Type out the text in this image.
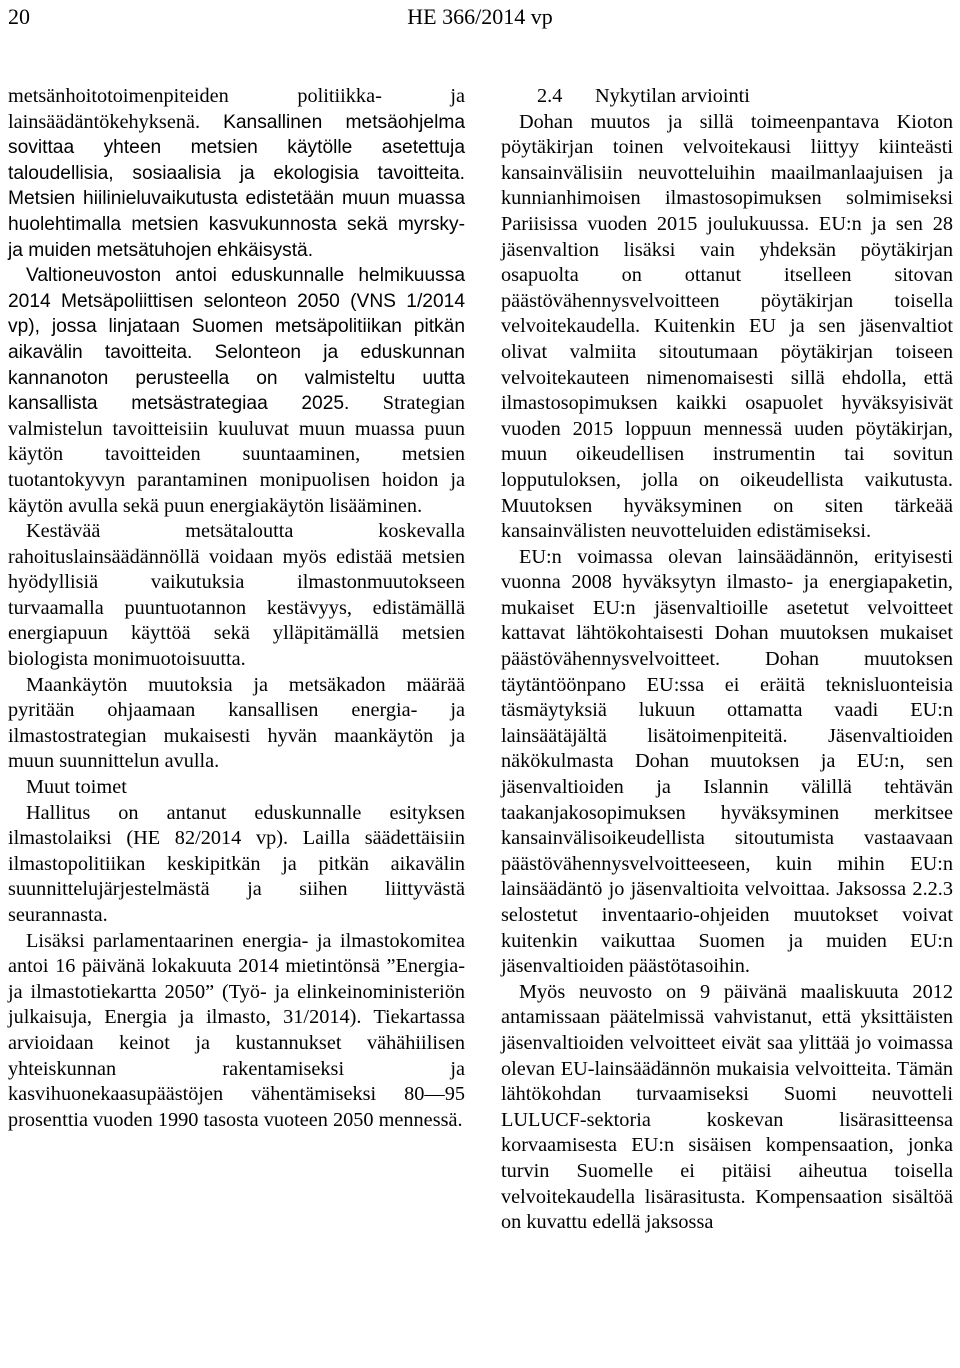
20	HE 366/2014 vp

metsänhoitotoimenpiteiden politiikka- ja lainsäädäntökehyksenä. Kansallinen metsäohjelma sovittaa yhteen metsien käytölle asetettuja taloudellisia, sosiaalisia ja ekologisia tavoitteita. Metsien hiilinieluvaikutusta edistetään muun muassa huolehtimalla metsien kasvukunnosta sekä myrsky- ja muiden metsätuhojen ehkäisystä.

Valtioneuvoston antoi eduskunnalle helmikuussa 2014 Metsäpoliittisen selonteon 2050 (VNS 1/2014 vp), jossa linjataan Suomen metsäpolitiikan pitkän aikavälin tavoitteita. Selonteon ja eduskunnan kannanoton perusteella on valmisteltu uutta kansallista metsästrategiaa 2025. Strategian valmistelun tavoitteisiin kuuluvat muun muassa puun käytön tavoitteiden suuntaaminen, metsien tuotantokyvyn parantaminen monipuolisen hoidon ja käytön avulla sekä puun energiakäytön lisääminen.

Kestävää metsätaloutta koskevalla rahoituslainsäädännöllä voidaan myös edistää metsien hyödyllisiä vaikutuksia ilmastonmuutokseen turvaamalla puuntuotannon kestävyys, edistämällä energiapuun käyttöä sekä ylläpitämällä metsien biologista monimuotoisuutta.

Maankäytön muutoksia ja metsäkadon määrää pyritään ohjaamaan kansallisen energia- ja ilmastostrategian mukaisesti hyvän maankäytön ja muun suunnittelun avulla.

Muut toimet

Hallitus on antanut eduskunnalle esityksen ilmastolaiksi (HE 82/2014 vp). Lailla säädettäisiin ilmastopolitiikan keskipitkän ja pitkän aikavälin suunnittelujärjestelmästä ja siihen liittyvästä seurannasta.

Lisäksi parlamentaarinen energia- ja ilmastokomitea antoi 16 päivänä lokakuuta 2014 mietintönsä ”Energia- ja ilmastotiekartta 2050” (Työ- ja elinkeinoministeriön julkaisuja, Energia ja ilmasto, 31/2014). Tiekartassa arvioidaan keinot ja kustannukset vähähiilisen yhteiskunnan rakentamiseksi ja kasvihuonekaasupäästöjen vähentämiseksi 80—95 prosenttia vuoden 1990 tasosta vuoteen 2050 mennessä.

2.4 Nykytilan arviointi

Dohan muutos ja sillä toimeenpantava Kioton pöytäkirjan toinen velvoitekausi liittyy kiinteästi kansainvälisiin neuvotteluihin maailmanlaajuisen ja kunnianhimoisen ilmastosopimuksen solmimiseksi Pariisissa vuoden 2015 joulukuussa. EU:n ja sen 28 jäsenvaltion lisäksi vain yhdeksän pöytäkirjan osapuolta on ottanut itselleen sitovan päästövähennysvelvoitteen pöytäkirjan toisella velvoitekaudella. Kuitenkin EU ja sen jäsenvaltiot olivat valmiita sitoutumaan pöytäkirjan toiseen velvoitekauteen nimenomaisesti sillä ehdolla, että ilmastosopimuksen kaikki osapuolet hyväksyisivät vuoden 2015 loppuun mennessä uuden pöytäkirjan, muun oikeudellisen instrumentin tai sovitun lopputuloksen, jolla on oikeudellista vaikutusta. Muutoksen hyväksyminen on siten tärkeää kansainvälisten neuvotteluiden edistämiseksi.

EU:n voimassa olevan lainsäädännön, erityisesti vuonna 2008 hyväksytyn ilmasto- ja energiapaketin, mukaiset EU:n jäsenvaltioille asetetut velvoitteet kattavat lähtökohtaisesti Dohan muutoksen mukaiset päästövähennysvelvoitteet. Dohan muutoksen täytäntöönpano EU:ssa ei eräitä teknisluonteisia täsmäytyksiä lukuun ottamatta vaadi EU:n lainsäätäjältä lisätoimenpiteitä. Jäsenvaltioiden näkökulmasta Dohan muutoksen ja EU:n, sen jäsenvaltioiden ja Islannin välillä tehtävän taakanjakosopimuksen hyväksyminen merkitsee kansainvälisoikeudellista sitoutumista vastaavaan päästövähennysvelvoitteeseen, kuin mihin EU:n lainsäädäntö jo jäsenvaltioita velvoittaa. Jaksossa 2.2.3 selostetut inventaario-ohjeiden muutokset voivat kuitenkin vaikuttaa Suomen ja muiden EU:n jäsenvaltioiden päästötasoihin.

Myös neuvosto on 9 päivänä maaliskuuta 2012 antamissaan päätelmissä vahvistanut, että yksittäisten jäsenvaltioiden velvoitteet eivät saa ylittää jo voimassa olevan EU-lainsäädännön mukaisia velvoitteita. Tämän lähtökohdan turvaamiseksi Suomi neuvotteli LULUCF-sektoria koskevan lisärasitteensa korvaamisesta EU:n sisäisen kompensaation, jonka turvin Suomelle ei pitäisi aiheutua toisella velvoitekaudella lisärasitusta. Kompensaation sisältöä on kuvattu edellä jaksossa
